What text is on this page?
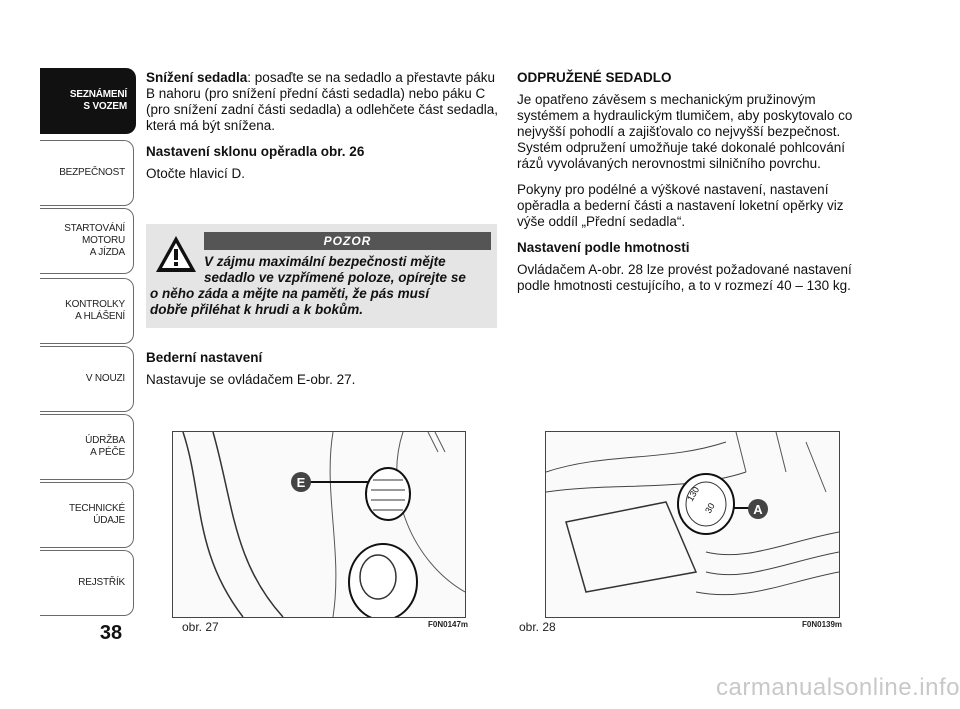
SEZNÁMENÍ
S VOZEM
BEZPEČNOST
STARTOVÁNÍ
MOTORU
A JÍZDA
KONTROLKY
A HLÁŠENÍ
V NOUZI
ÚDRŽBA
A PÉČE
TECHNICKÉ
ÚDAJE
REJSTŘÍK
38

Snížení sedadla: posaďte se na sedadlo a přestavte páku B nahoru (pro snížení přední části sedadla) nebo páku C (pro snížení zadní části sedadla) a odlehčete část sedadla, která má být snížena.

Nastavení sklonu opěradla obr. 26

Otočte hlavicí D.

POZOR
V zájmu maximální bezpečnosti mějte
sedadlo ve vzpřímené poloze, opírejte se
o něho záda a mějte na paměti, že pás musí
dobře přiléhat k hrudi a k bokům.
Bederní nastavení

Nastavuje se ovládačem E-obr. 27.

ODPRUŽENÉ SEDADLO

Je opatřeno závěsem s mechanickým pružinovým systémem a hydraulickým tlumičem, aby poskytovalo co nejvyšší pohodlí a zajišťovalo co nejvyšší bezpečnost. Systém odpružení umožňuje také dokonalé pohlcování rázů vyvolávaných nerovnostmi silničního povrchu.

Pokyny pro podélné a výškové nastavení, nastavení opěradla a bederní části a nastavení loketní opěrky viz výše oddíl „Přední sedadla“.

Nastavení podle hmotnosti

Ovládačem A-obr. 28 lze provést požadované nastavení podle hmotnosti cestujícího, a to v rozmezí 40 – 130 kg.

E
obr. 27	F0N0147m
130
30	A
obr. 28	F0N0139m
carmanualsonline.info
